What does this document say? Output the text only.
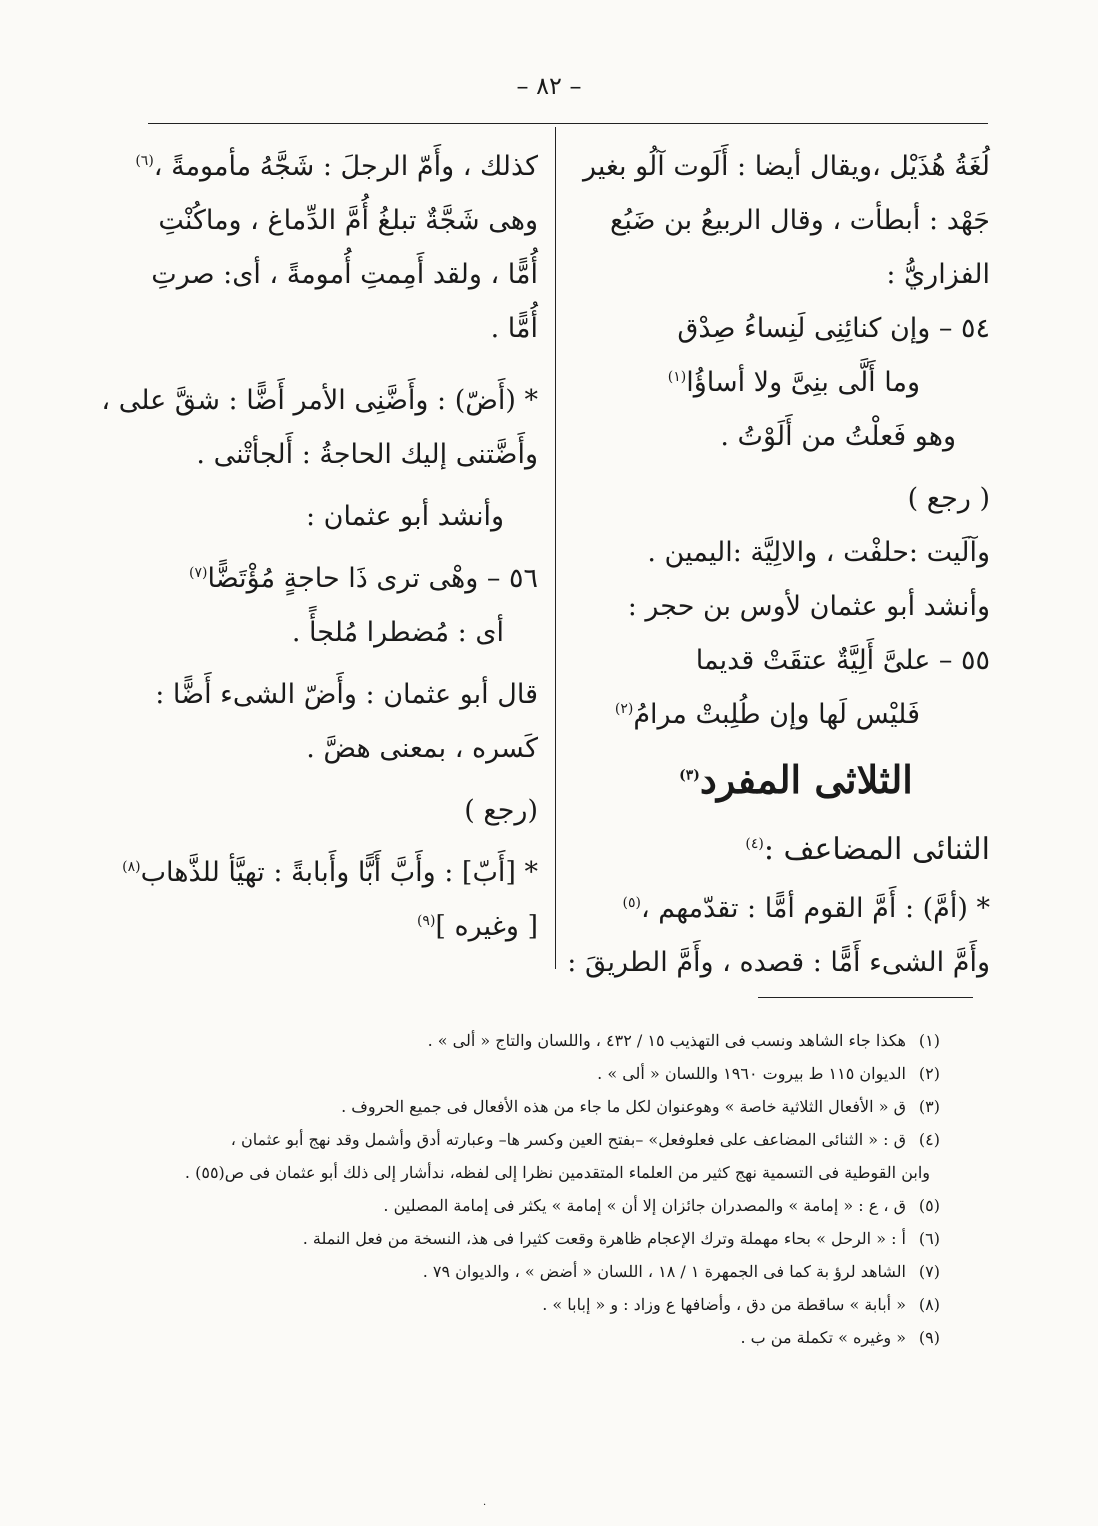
– ٨٢ –
لُغَةُ هُذَيْل ،ويقال أيضا : أَلَوت آلُو بغير
جَهْد : أبطأت ، وقال الربيعُ بن ضَبُع
الفزاريُّ :
٥٤ – وإن كنائِنِى لَنِساءُ صِدْق
وما أَلَّى بنِىَّ ولا أساؤُا$^{(١)}$
وهو فَعلْتُ من أَلَوْتُ .
( رجع )
وآلَيت :حلفْت ، والالِيَّة :اليمين .
وأنشد أبو عثمان لأوس بن حجر :
٥٥ – علىَّ أَلِيَّةٌ عتقَتْ قديما
فَليْس لَها وإن طُلِبتْ مرامُ$^{(٢)}$
الثلاثى المفرد$^{(٣)}$
الثنائى المضاعف :$^{(٤)}$
* (أمَّ) : أَمَّ القوم أمًّا : تقدّمهم ،$^{(٥)}$
وأَمَّ الشىء أَمًّا : قصده ، وأَمَّ الطريقَ :
كذلك ، وأَمّ الرجلَ : شَجَّهُ مأمومةً ،$^{(٦)}$
وهى شَجَّةٌ تبلغُ أُمَّ الدِّماغ ، وماكُنْتِ
أُمًّا ، ولقد أَمِمتِ أُمومةً ، أى: صرتِ
أُمًّا .
* (أَضّ) : وأَضَّنِى الأمر أَضًّا : شقَّ على ،
وأَضَّتنى إليك الحاجةُ : أَلجأتْنى .
وأنشد أبو عثمان :
٥٦ – وهْى ترى ذَا حاجةٍ مُؤْتَضًّا$^{(٧)}$
أى : مُضطرا مُلجأً .
قال أبو عثمان : وأَضّ الشىء أَضًّا :
كَسره ، بمعنى هضَّ .
(رجع )
* [أَبّ] : وأَبَّ أَبًّا وأَبابةً : تهيَّأ للذَّهاب$^{(٨)}$
[ وغيره ]$^{(٩)}$
(١)هكذا جاء الشاهد ونسب فى التهذيب ١٥ / ٤٣٢ ، واللسان والتاج « ألى » .
(٢)الديوان ١١٥ ط بيروت ١٩٦٠ واللسان « ألى » .
(٣)ق « الأفعال الثلاثية خاصة » وهوعنوان لكل ما جاء من هذه الأفعال فى جميع الحروف .
(٤)ق : « الثنائى المضاعف على فعلوفعل» –بفتح العين وكسر ها– وعبارته أدق وأشمل وقد نهج أبو عثمان ،
وابن القوطية فى التسمية نهج كثير من العلماء المتقدمين نظرا إلى لفظه، ندأشار إلى ذلك أبو عثمان فى ص(٥٥) .
(٥)ق ، ع : « إمامة » والمصدران جائزان إلا أن » إمامة » يكثر فى إمامة المصلين .
(٦)أ : « الرحل » بحاء مهملة وترك الإعجام ظاهرة وقعت كثيرا فى هذ، النسخة من فعل النملة .
(٧)الشاهد لرؤ بة كما فى الجمهرة ١ / ١٨ ، اللسان « أضض » ، والديوان ٧٩ .
(٨)« أبابة » ساقطة من دق ، وأضافها ع وزاد : و « إبابا » .
(٩)« وغيره » تكملة من ب .
·
